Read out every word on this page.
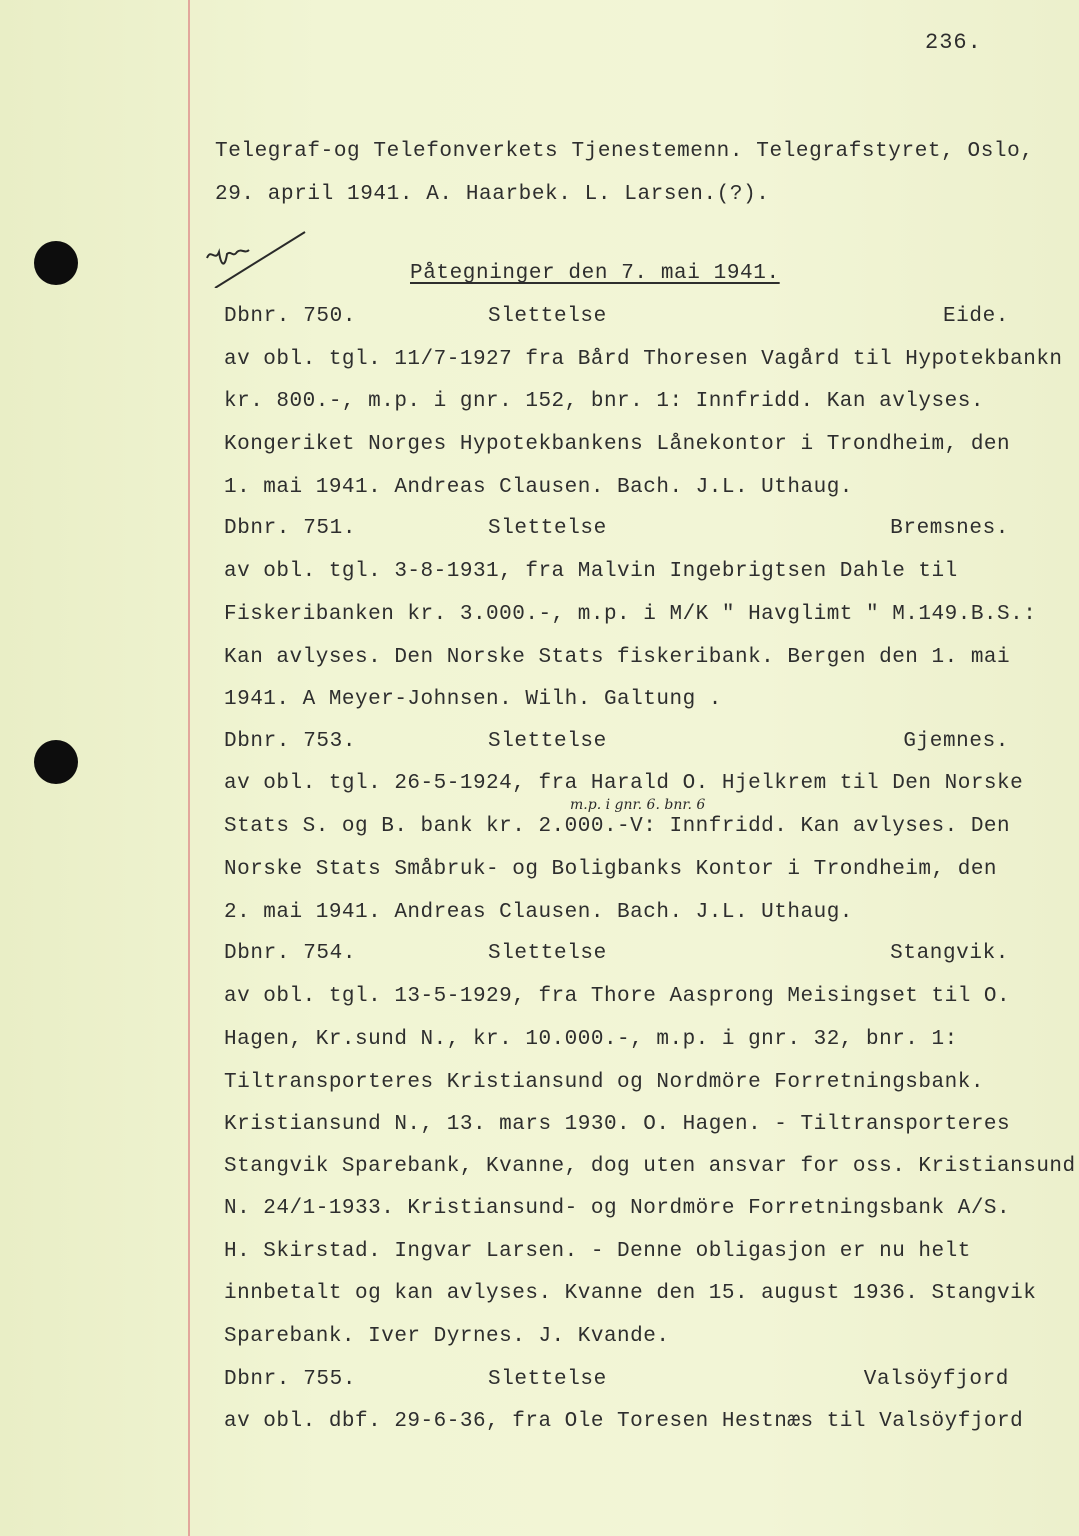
236.
Telegraf-og Telefonverkets Tjenestemenn. Telegrafstyret, Oslo,
29. april 1941. A. Haarbek. L. Larsen.(?).
Påtegninger den 7. mai 1941.
Dbnr. 750.	Slettelse	Eide.
av obl. tgl. 11/7-1927 fra Bård Thoresen Vagård til Hypotekbankn
kr. 800.-, m.p. i gnr. 152, bnr. 1: Innfridd. Kan avlyses.
Kongeriket Norges Hypotekbankens Lånekontor i Trondheim, den
1. mai 1941. Andreas Clausen. Bach. J.L. Uthaug.
Dbnr. 751.	Slettelse	Bremsnes.
av obl. tgl. 3-8-1931, fra Malvin Ingebrigtsen Dahle til
Fiskeribanken kr. 3.000.-, m.p. i M/K " Havglimt " M.149.B.S.:
Kan avlyses. Den Norske Stats fiskeribank. Bergen den 1. mai
1941. A Meyer-Johnsen. Wilh. Galtung .
Dbnr. 753.	Slettelse	Gjemnes.
av obl. tgl. 26-5-1924, fra Harald O. Hjelkrem til Den Norske
m.p. i gnr. 6. bnr. 6
Stats S. og B. bank kr. 2.000.-V: Innfridd. Kan avlyses. Den
Norske Stats Småbruk- og Boligbanks Kontor i Trondheim, den
2. mai 1941. Andreas Clausen. Bach. J.L. Uthaug.
Dbnr. 754.	Slettelse	Stangvik.
av obl. tgl. 13-5-1929, fra Thore Aasprong Meisingset til O.
Hagen, Kr.sund N., kr. 10.000.-, m.p. i gnr. 32, bnr. 1:
Tiltransporteres Kristiansund og Nordmöre Forretningsbank.
Kristiansund N., 13. mars 1930. O. Hagen. - Tiltransporteres
Stangvik Sparebank, Kvanne, dog uten ansvar for oss. Kristiansund
N. 24/1-1933. Kristiansund- og Nordmöre Forretningsbank A/S.
H. Skirstad. Ingvar Larsen. - Denne obligasjon er nu helt
innbetalt og kan avlyses. Kvanne den 15. august 1936. Stangvik
Sparebank. Iver Dyrnes. J. Kvande.
Dbnr. 755.	Slettelse	Valsöyfjord
av obl. dbf. 29-6-36, fra Ole Toresen Hestnæs til Valsöyfjord
